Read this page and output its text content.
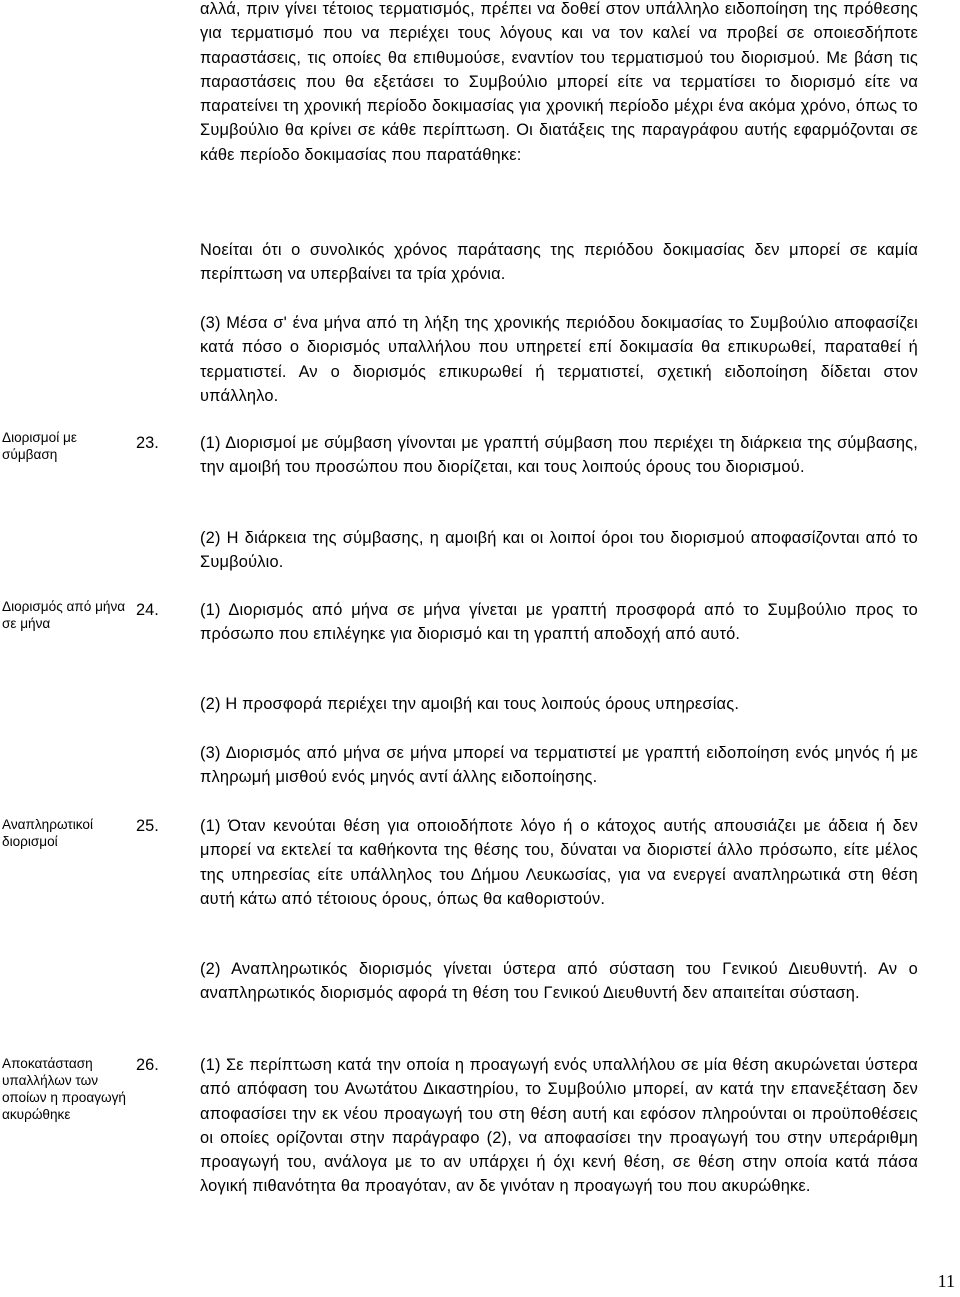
αλλά, πριν γίνει τέτοιος τερματισμός, πρέπει να δοθεί στον υπάλληλο ειδοποίηση της πρόθεσης για τερματισμό που να περιέχει τους λόγους και να τον καλεί να προβεί σε οποιεσδήποτε παραστάσεις, τις οποίες θα επιθυμούσε, εναντίον του τερματισμού του διορισμού. Με βάση τις παραστάσεις που θα εξετάσει το Συμβούλιο μπορεί είτε να τερματίσει το διορισμό είτε να παρατείνει τη χρονική περίοδο δοκιμασίας για χρονική περίοδο μέχρι ένα ακόμα χρόνο, όπως το Συμβούλιο θα κρίνει σε κάθε περίπτωση. Οι διατάξεις της παραγράφου αυτής εφαρμόζονται σε κάθε περίοδο δοκιμασίας που παρατάθηκε:

Νοείται ότι ο συνολικός χρόνος παράτασης της περιόδου δοκιμασίας δεν μπορεί σε καμία περίπτωση να υπερβαίνει τα τρία χρόνια.

(3) Μέσα σ' ένα μήνα από τη λήξη της χρονικής περιόδου δοκιμασίας το Συμβούλιο αποφασίζει κατά πόσο ο διορισμός υπαλλήλου που υπηρετεί επί δοκιμασία θα επικυρωθεί, παραταθεί ή τερματιστεί. Αν ο διορισμός επικυρωθεί ή τερματιστεί, σχετική ειδοποίηση δίδεται στον υπάλληλο.

Διορισμοί με σύμβαση

23.	(1) Διορισμοί με σύμβαση γίνονται με γραπτή σύμβαση που περιέχει τη διάρκεια της σύμβασης, την αμοιβή του προσώπου που διορίζεται, και τους λοιπούς όρους του διορισμού.

(2) Η διάρκεια της σύμβασης, η αμοιβή και οι λοιποί όροι του διορισμού αποφασίζονται από το Συμβούλιο.

Διορισμός από μήνα σε μήνα

24.	(1) Διορισμός από μήνα σε μήνα γίνεται με γραπτή προσφορά από το Συμβούλιο προς το πρόσωπο που επιλέγηκε για διορισμό και τη γραπτή αποδοχή από αυτό.

(2) Η προσφορά περιέχει την αμοιβή και τους λοιπούς όρους υπηρεσίας.

(3) Διορισμός από μήνα σε μήνα μπορεί να τερματιστεί με γραπτή ειδοποίηση ενός μηνός ή με πληρωμή μισθού ενός μηνός αντί άλλης ειδοποίησης.

Αναπληρωτικοί διορισμοί

25.	(1) Όταν κενούται θέση για οποιοδήποτε λόγο ή ο κάτοχος αυτής απουσιάζει με άδεια ή δεν μπορεί να εκτελεί τα καθήκοντα της θέσης του, δύναται να διοριστεί άλλο πρόσωπο, είτε μέλος της υπηρεσίας είτε υπάλληλος του Δήμου Λευκωσίας, για να ενεργεί αναπληρωτικά στη θέση αυτή κάτω από τέτοιους όρους, όπως θα καθοριστούν.

(2) Αναπληρωτικός διορισμός γίνεται ύστερα από σύσταση του Γενικού Διευθυντή. Αν ο αναπληρωτικός διορισμός αφορά τη θέση του Γενικού Διευθυντή δεν απαιτείται σύσταση.

Αποκατάσταση υπαλλήλων των οποίων η προαγωγή ακυρώθηκε

26.	(1) Σε περίπτωση κατά την οποία η προαγωγή ενός υπαλλήλου σε μία θέση ακυρώνεται ύστερα από απόφαση του Ανωτάτου Δικαστηρίου, το Συμβούλιο μπορεί, αν κατά την επανεξέταση δεν αποφασίσει την εκ νέου προαγωγή του στη θέση αυτή και εφόσον πληρούνται οι προϋποθέσεις οι οποίες ορίζονται στην παράγραφο (2), να αποφασίσει την προαγωγή του στην υπεράριθμη προαγωγή του, ανάλογα με το αν υπάρχει ή όχι κενή θέση, σε θέση στην οποία κατά πάσα λογική πιθανότητα θα προαγόταν, αν δε γινόταν η προαγωγή του που ακυρώθηκε.

11
